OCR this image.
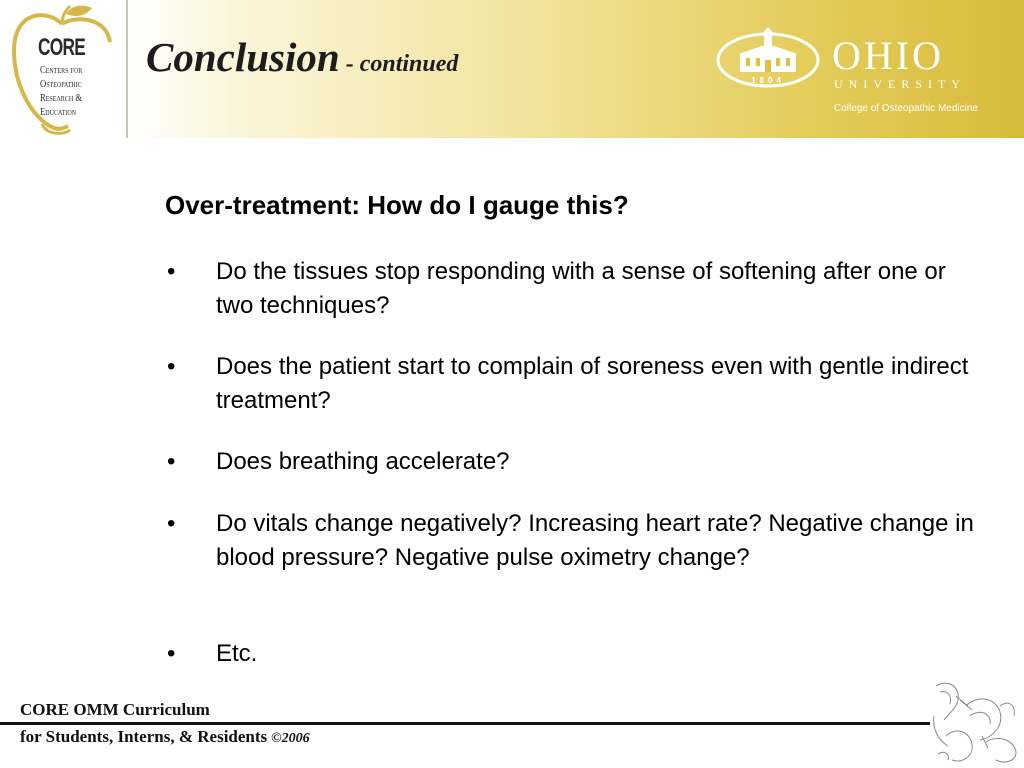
CORE
Centers for
Osteopathic
Research &
Education
Conclusion - continued
1804
OHIO
UNIVERSITY
College of Osteopathic Medicine
Over-treatment: How do I gauge this?
• Do the tissues stop responding with a sense of softening after one or two techniques?
• Does the patient start to complain of soreness even with gentle indirect treatment?
• Does breathing accelerate?
• Do vitals change negatively? Increasing heart rate? Negative change in blood pressure? Negative pulse oximetry change?
• Etc.
CORE OMM Curriculum
for Students, Interns, & Residents ©2006
